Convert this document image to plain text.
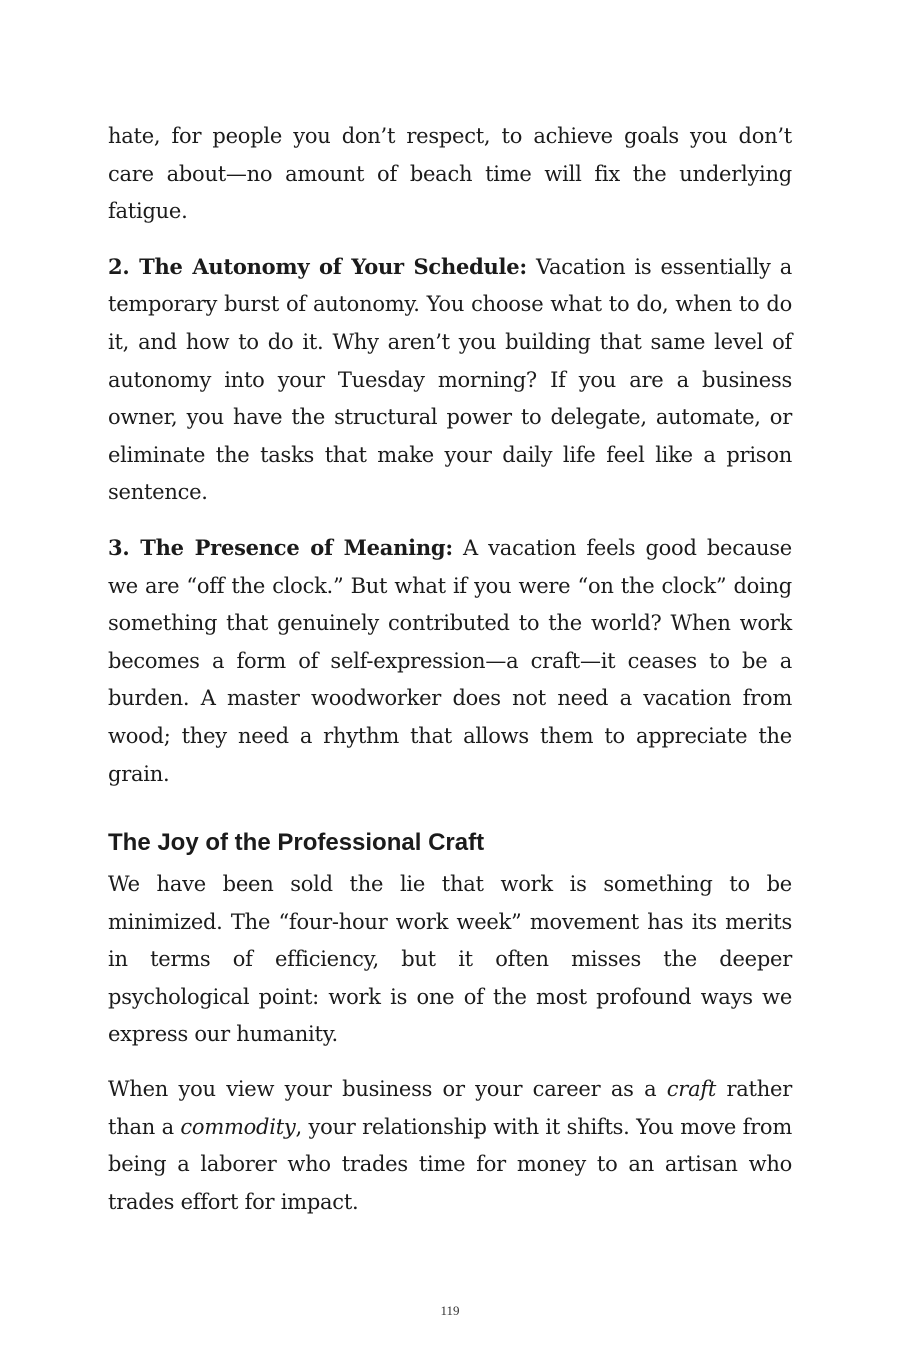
hate, for people you don’t respect, to achieve goals you don’t care about—no amount of beach time will fix the underlying fatigue.

2. The Autonomy of Your Schedule: Vacation is essentially a temporary burst of autonomy. You choose what to do, when to do it, and how to do it. Why aren’t you building that same level of autonomy into your Tuesday morning? If you are a business owner, you have the structural power to delegate, automate, or eliminate the tasks that make your daily life feel like a prison sentence.

3. The Presence of Meaning: A vacation feels good because we are “off the clock.” But what if you were “on the clock” doing something that genuinely contributed to the world? When work becomes a form of self-expression—a craft—it ceases to be a burden. A master woodworker does not need a vacation from wood; they need a rhythm that allows them to appreciate the grain.

The Joy of the Professional Craft

We have been sold the lie that work is something to be minimized. The “four-hour work week” movement has its merits in terms of efficiency, but it often misses the deeper psychological point: work is one of the most profound ways we express our humanity.

When you view your business or your career as a craft rather than a commodity, your relationship with it shifts. You move from being a laborer who trades time for money to an artisan who trades effort for impact.

119
